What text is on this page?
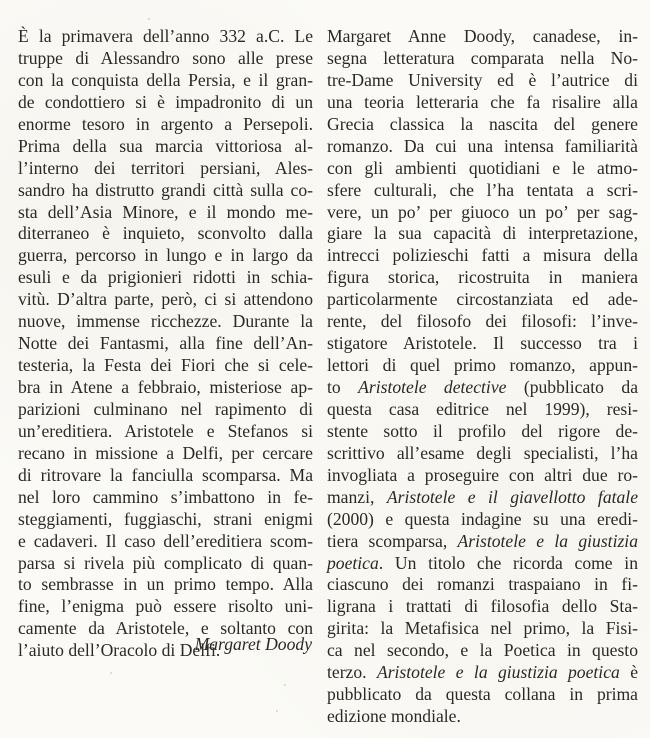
È la primavera dell’anno 332 a.C. Le
truppe di Alessandro sono alle prese
con la conquista della Persia, e il gran-
de condottiero si è impadronito di un
enorme tesoro in argento a Persepoli.
Prima della sua marcia vittoriosa al-
l’interno dei territori persiani, Ales-
sandro ha distrutto grandi città sulla co-
sta dell’Asia Minore, e il mondo me-
diterraneo è inquieto, sconvolto dalla
guerra, percorso in lungo e in largo da
esuli e da prigionieri ridotti in schia-
vitù. D’altra parte, però, ci si attendono
nuove, immense ricchezze. Durante la
Notte dei Fantasmi, alla fine dell’An-
testeria, la Festa dei Fiori che si cele-
bra in Atene a febbraio, misteriose ap-
parizioni culminano nel rapimento di
un’ereditiera. Aristotele e Stefanos si
recano in missione a Delfi, per cercare
di ritrovare la fanciulla scomparsa. Ma
nel loro cammino s’imbattono in fe-
steggiamenti, fuggiaschi, strani enigmi
e cadaveri. Il caso dell’ereditiera scom-
parsa si rivela più complicato di quan-
to sembrasse in un primo tempo. Alla
fine, l’enigma può essere risolto uni-
camente da Aristotele, e soltanto con
l’aiuto dell’Oracolo di Delfi.
Margaret Doody
Margaret Anne Doody, canadese, in-
segna letteratura comparata nella No-
tre-Dame University ed è l’autrice di
una teoria letteraria che fa risalire alla
Grecia classica la nascita del genere
romanzo. Da cui una intensa familiarità
con gli ambienti quotidiani e le atmo-
sfere culturali, che l’ha tentata a scri-
vere, un po’ per giuoco un po’ per sag-
giare la sua capacità di interpretazione,
intrecci polizieschi fatti a misura della
figura storica, ricostruita in maniera
particolarmente circostanziata ed ade-
rente, del filosofo dei filosofi: l’inve-
stigatore Aristotele. Il successo tra i
lettori di quel primo romanzo, appun-
to Aristotele detective (pubblicato da
questa casa editrice nel 1999), resi-
stente sotto il profilo del rigore de-
scrittivo all’esame degli specialisti, l’ha
invogliata a proseguire con altri due ro-
manzi, Aristotele e il giavellotto fatale
(2000) e questa indagine su una eredi-
tiera scomparsa, Aristotele e la giustizia
poetica. Un titolo che ricorda come in
ciascuno dei romanzi traspaiano in fi-
ligrana i trattati di filosofia dello Sta-
girita: la Metafisica nel primo, la Fisi-
ca nel secondo, e la Poetica in questo
terzo. Aristotele e la giustizia poetica è
pubblicato da questa collana in prima
edizione mondiale.
